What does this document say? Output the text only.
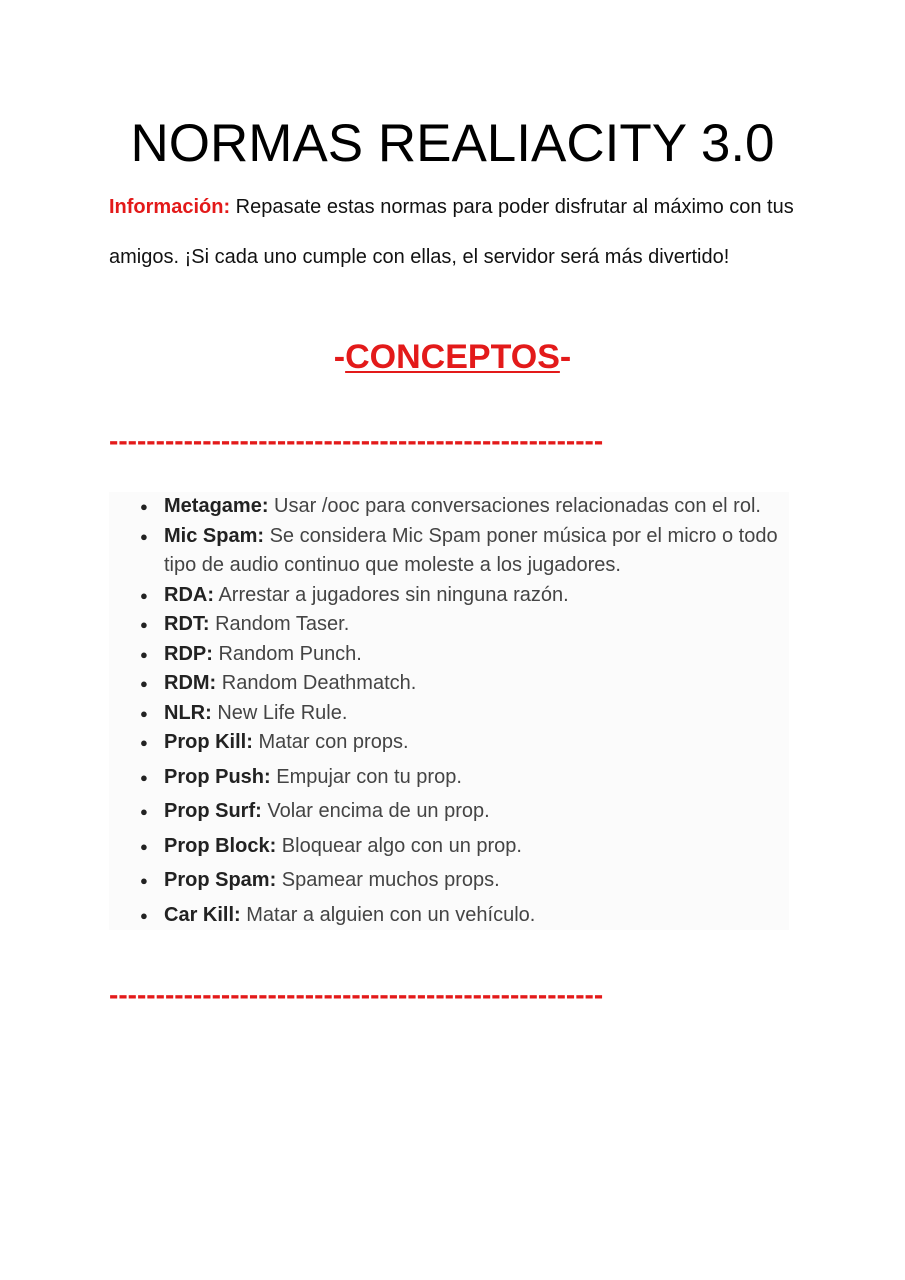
NORMAS REALIACITY 3.0

Información: Repasate estas normas para poder disfrutar al máximo con tus amigos. ¡Si cada uno cumple con ellas, el servidor será más divertido!

-CONCEPTOS-
-----------------------------------------------------
● Metagame: Usar /ooc para conversaciones relacionadas con el rol.
● Mic Spam: Se considera Mic Spam poner música por el micro o todo tipo de audio continuo que moleste a los jugadores.
● RDA: Arrestar a jugadores sin ninguna razón.
● RDT: Random Taser.
● RDP: Random Punch.
● RDM: Random Deathmatch.
● NLR: New Life Rule.
● Prop Kill: Matar con props.
● Prop Push: Empujar con tu prop.
● Prop Surf: Volar encima de un prop.
● Prop Block: Bloquear algo con un prop.
● Prop Spam: Spamear muchos props.
● Car Kill: Matar a alguien con un vehículo.
-----------------------------------------------------
